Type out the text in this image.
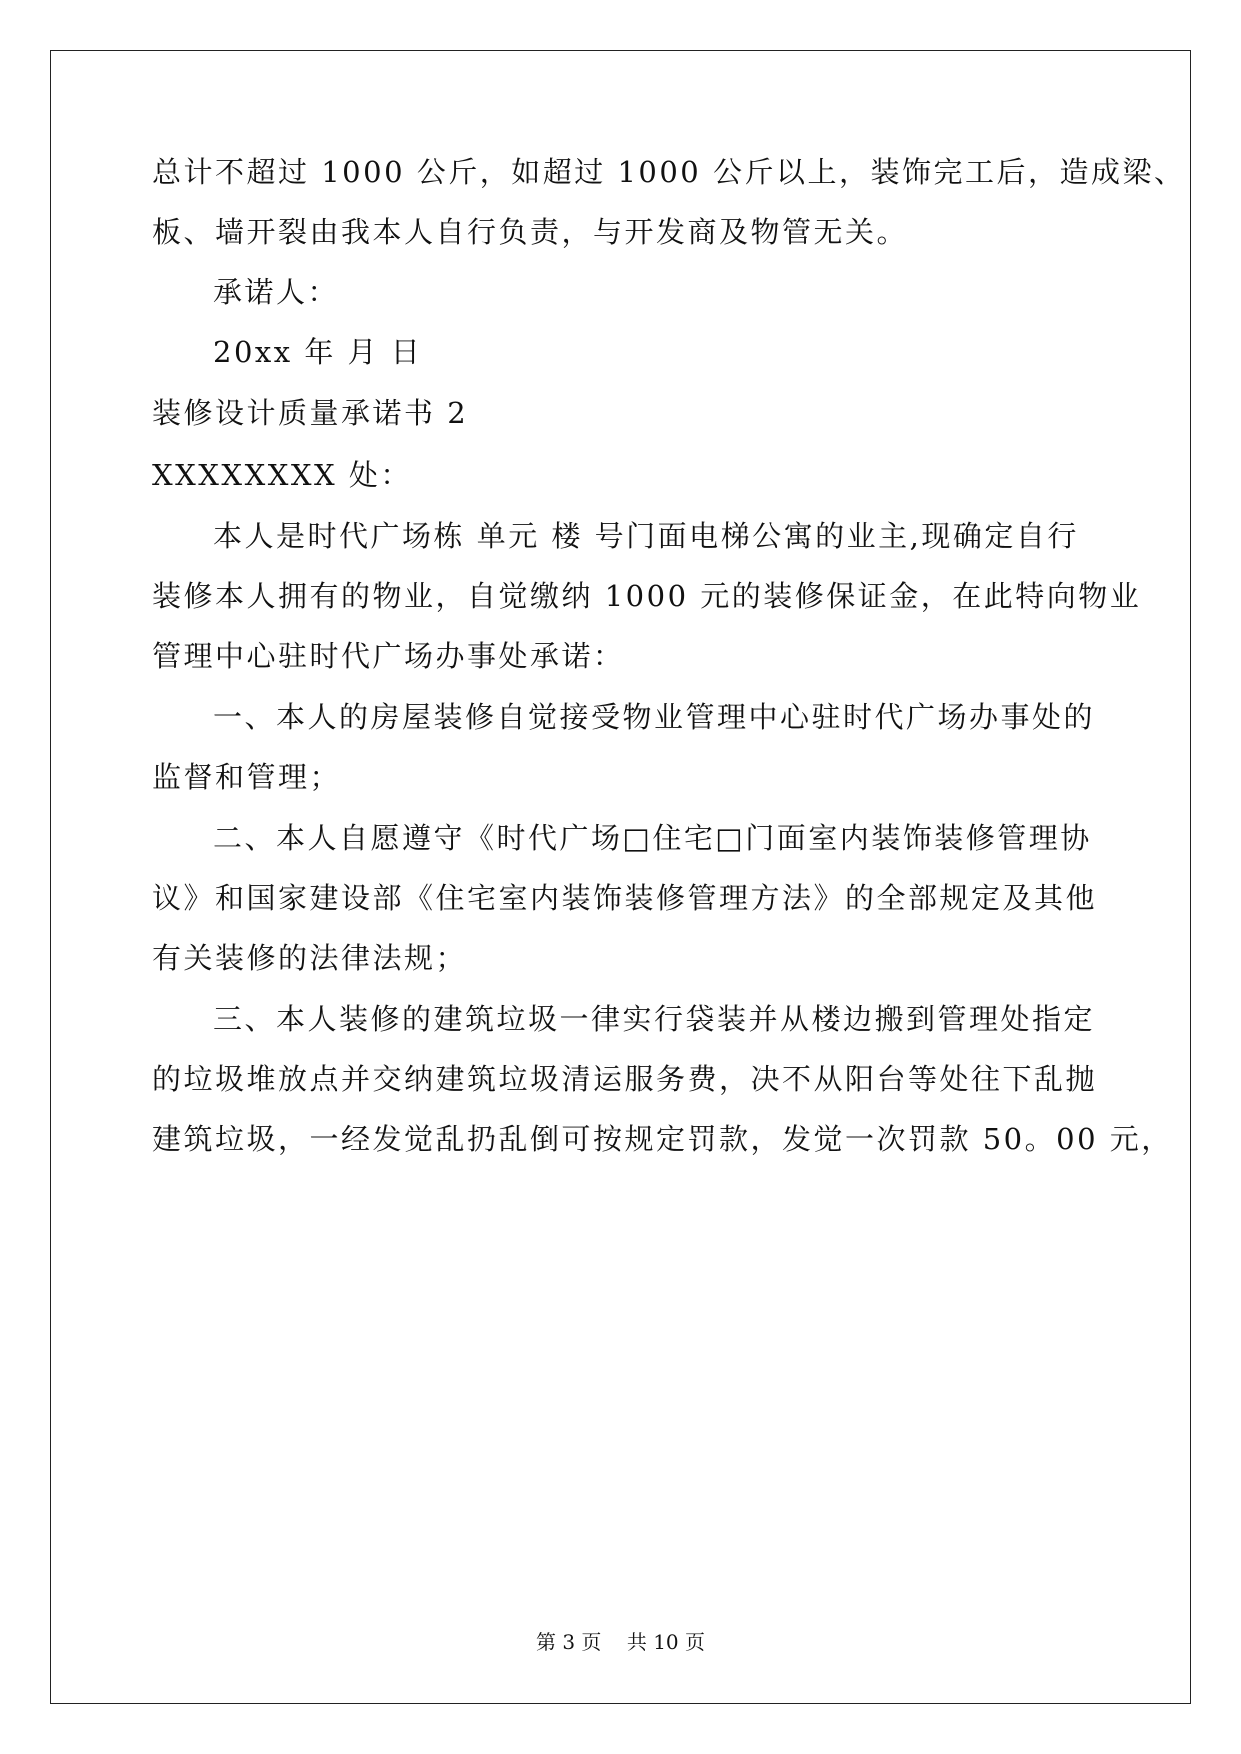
总计不超过 1000 公斤，如超过 1000 公斤以上，装饰完工后，造成梁、
板、墙开裂由我本人自行负责，与开发商及物管无关。
承诺人：
20xx 年 月 日
装修设计质量承诺书 2
XXXXXXXX 处：
本人是时代广场栋 单元 楼 号门面电梯公寓的业主,现确定自行
装修本人拥有的物业，自觉缴纳 1000 元的装修保证金，在此特向物业
管理中心驻时代广场办事处承诺：
一、本人的房屋装修自觉接受物业管理中心驻时代广场办事处的
监督和管理；
二、本人自愿遵守《时代广场□住宅□门面室内装饰装修管理协
议》和国家建设部《住宅室内装饰装修管理方法》的全部规定及其他
有关装修的法律法规；
三、本人装修的建筑垃圾一律实行袋装并从楼边搬到管理处指定
的垃圾堆放点并交纳建筑垃圾清运服务费，决不从阳台等处往下乱抛
建筑垃圾，一经发觉乱扔乱倒可按规定罚款，发觉一次罚款 50。00 元，
第 3 页    共 10 页
